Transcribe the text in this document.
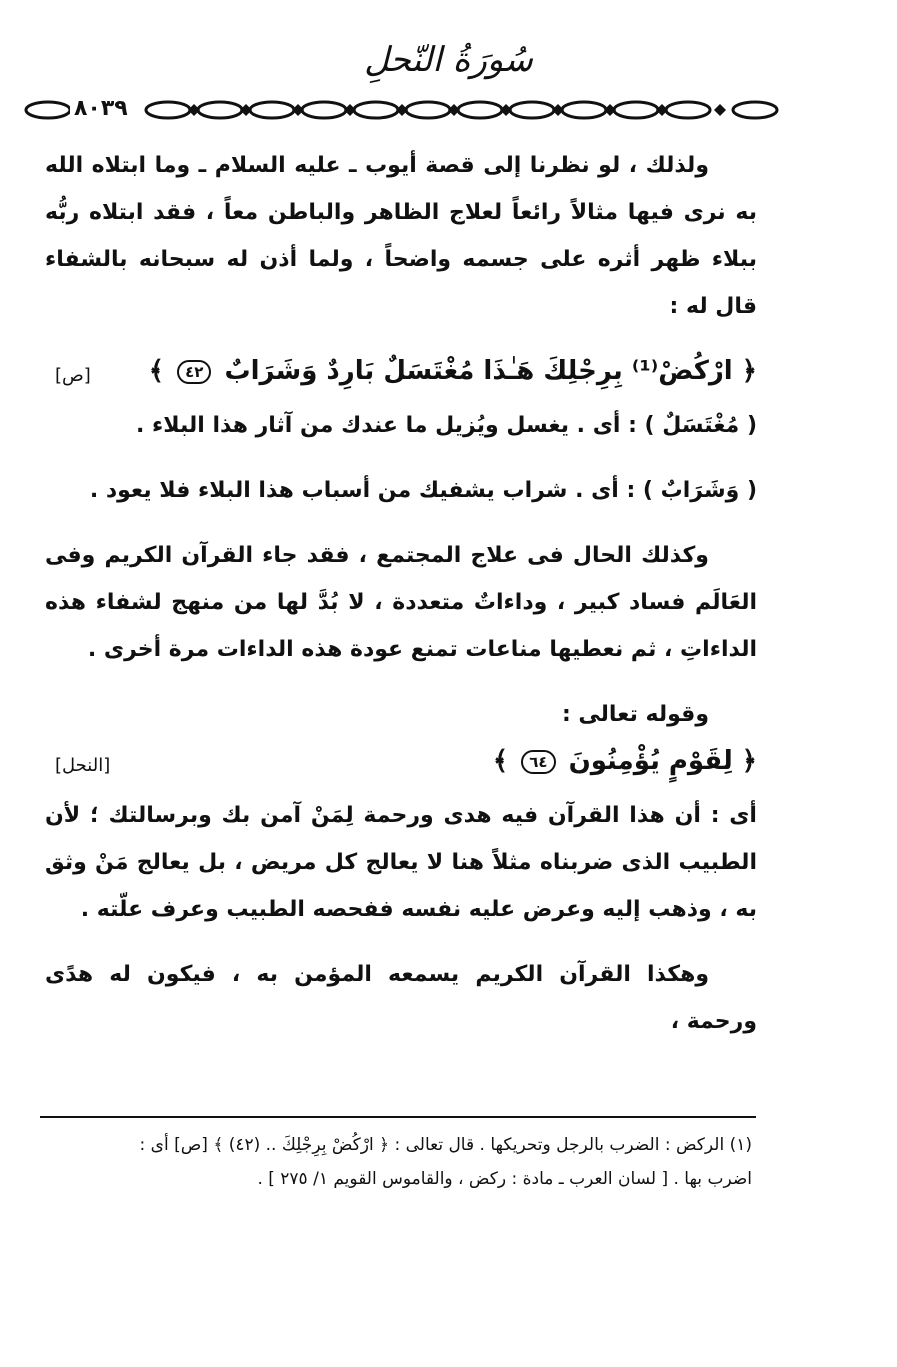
سُورَةُ النّحلِ
٨٠٣٩

ولذلك ، لو نظرنا إلى قصة أيوب ـ عليه السلام ـ وما ابتلاه الله به نرى فيها مثالاً رائعاً لعلاج الظاهر والباطن معاً ، فقد ابتلاه ربُّه ببلاء ظهر أثره على جسمه واضحاً ، ولما أذن له سبحانه بالشفاء قال له :

﴿ ارْكُضْ⁽¹⁾ بِرِجْلِكَ هَـٰذَا مُغْتَسَلٌ بَارِدٌ وَشَرَابٌ ٤٢ ﴾
[ص]

( مُغْتَسَلٌ ) : أى . يغسل ويُزيل ما عندك من آثار هذا البلاء .

( وَشَرَابٌ ) : أى . شراب يشفيك من أسباب هذا البلاء فلا يعود .

وكذلك الحال فى علاج المجتمع ، فقد جاء القرآن الكريم وفى العَالَم فساد كبير ، وداءاتٌ متعددة ، لا بُدَّ لها من منهج لشفاء هذه الداءاتِ ، ثم نعطيها مناعات تمنع عودة هذه الداءات مرة أخرى .

وقوله تعالى :

﴿ لِقَوْمٍ يُؤْمِنُونَ ٦٤ ﴾
[النحل]

أى : أن هذا القرآن فيه هدى ورحمة لِمَنْ آمن بك وبرسالتك ؛ لأن الطبيب الذى ضربناه مثلاً هنا لا يعالج كل مريض ، بل يعالج مَنْ وثق به ، وذهب إليه وعرض عليه نفسه ففحصه الطبيب وعرف علّته .

وهكذا القرآن الكريم يسمعه المؤمن به ، فيكون له هدًى ورحمة ،

(١) الركض : الضرب بالرجل وتحريكها . قال تعالى : ﴿ ارْكُضْ بِرِجْلِكَ .. (٤٢) ﴾ [ص] أى :

اضرب بها . [ لسان العرب ـ مادة : ركض ، والقاموس القويم ١/ ٢٧٥ ] .
